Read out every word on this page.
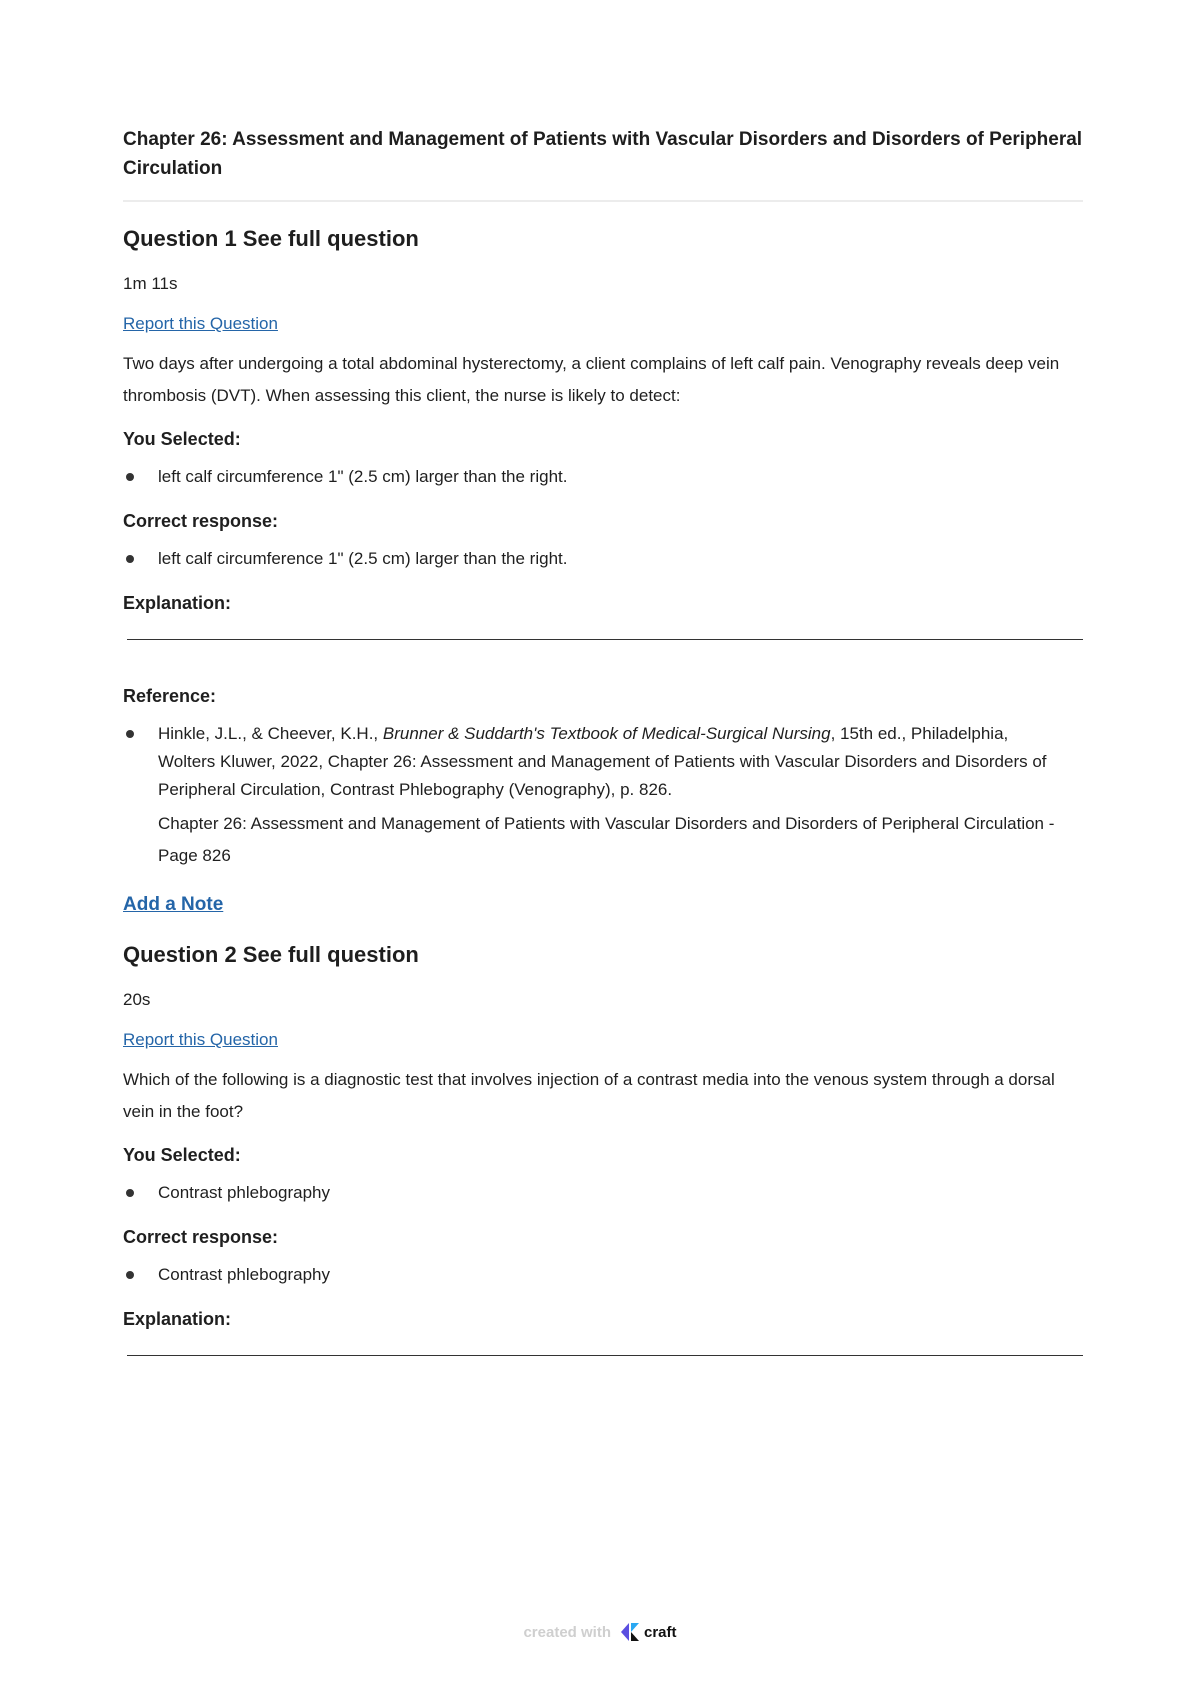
Chapter 26: Assessment and Management of Patients with Vascular Disorders and Disorders of Peripheral Circulation
Question 1 See full question
1m 11s
Report this Question

Two days after undergoing a total abdominal hysterectomy, a client complains of left calf pain. Venography reveals deep vein thrombosis (DVT). When assessing this client, the nurse is likely to detect:

You Selected:
left calf circumference 1" (2.5 cm) larger than the right.
Correct response:
left calf circumference 1" (2.5 cm) larger than the right.
Explanation:
Reference:
Hinkle, J.L., & Cheever, K.H., Brunner & Suddarth's Textbook of Medical-Surgical Nursing, 15th ed., Philadelphia, Wolters Kluwer, 2022, Chapter 26: Assessment and Management of Patients with Vascular Disorders and Disorders of Peripheral Circulation, Contrast Phlebography (Venography), p. 826.
Chapter 26: Assessment and Management of Patients with Vascular Disorders and Disorders of Peripheral Circulation - Page 826
Add a Note
Question 2 See full question
20s
Report this Question

Which of the following is a diagnostic test that involves injection of a contrast media into the venous system through a dorsal vein in the foot?

You Selected:
Contrast phlebography
Correct response:
Contrast phlebography
Explanation:
created with craft
